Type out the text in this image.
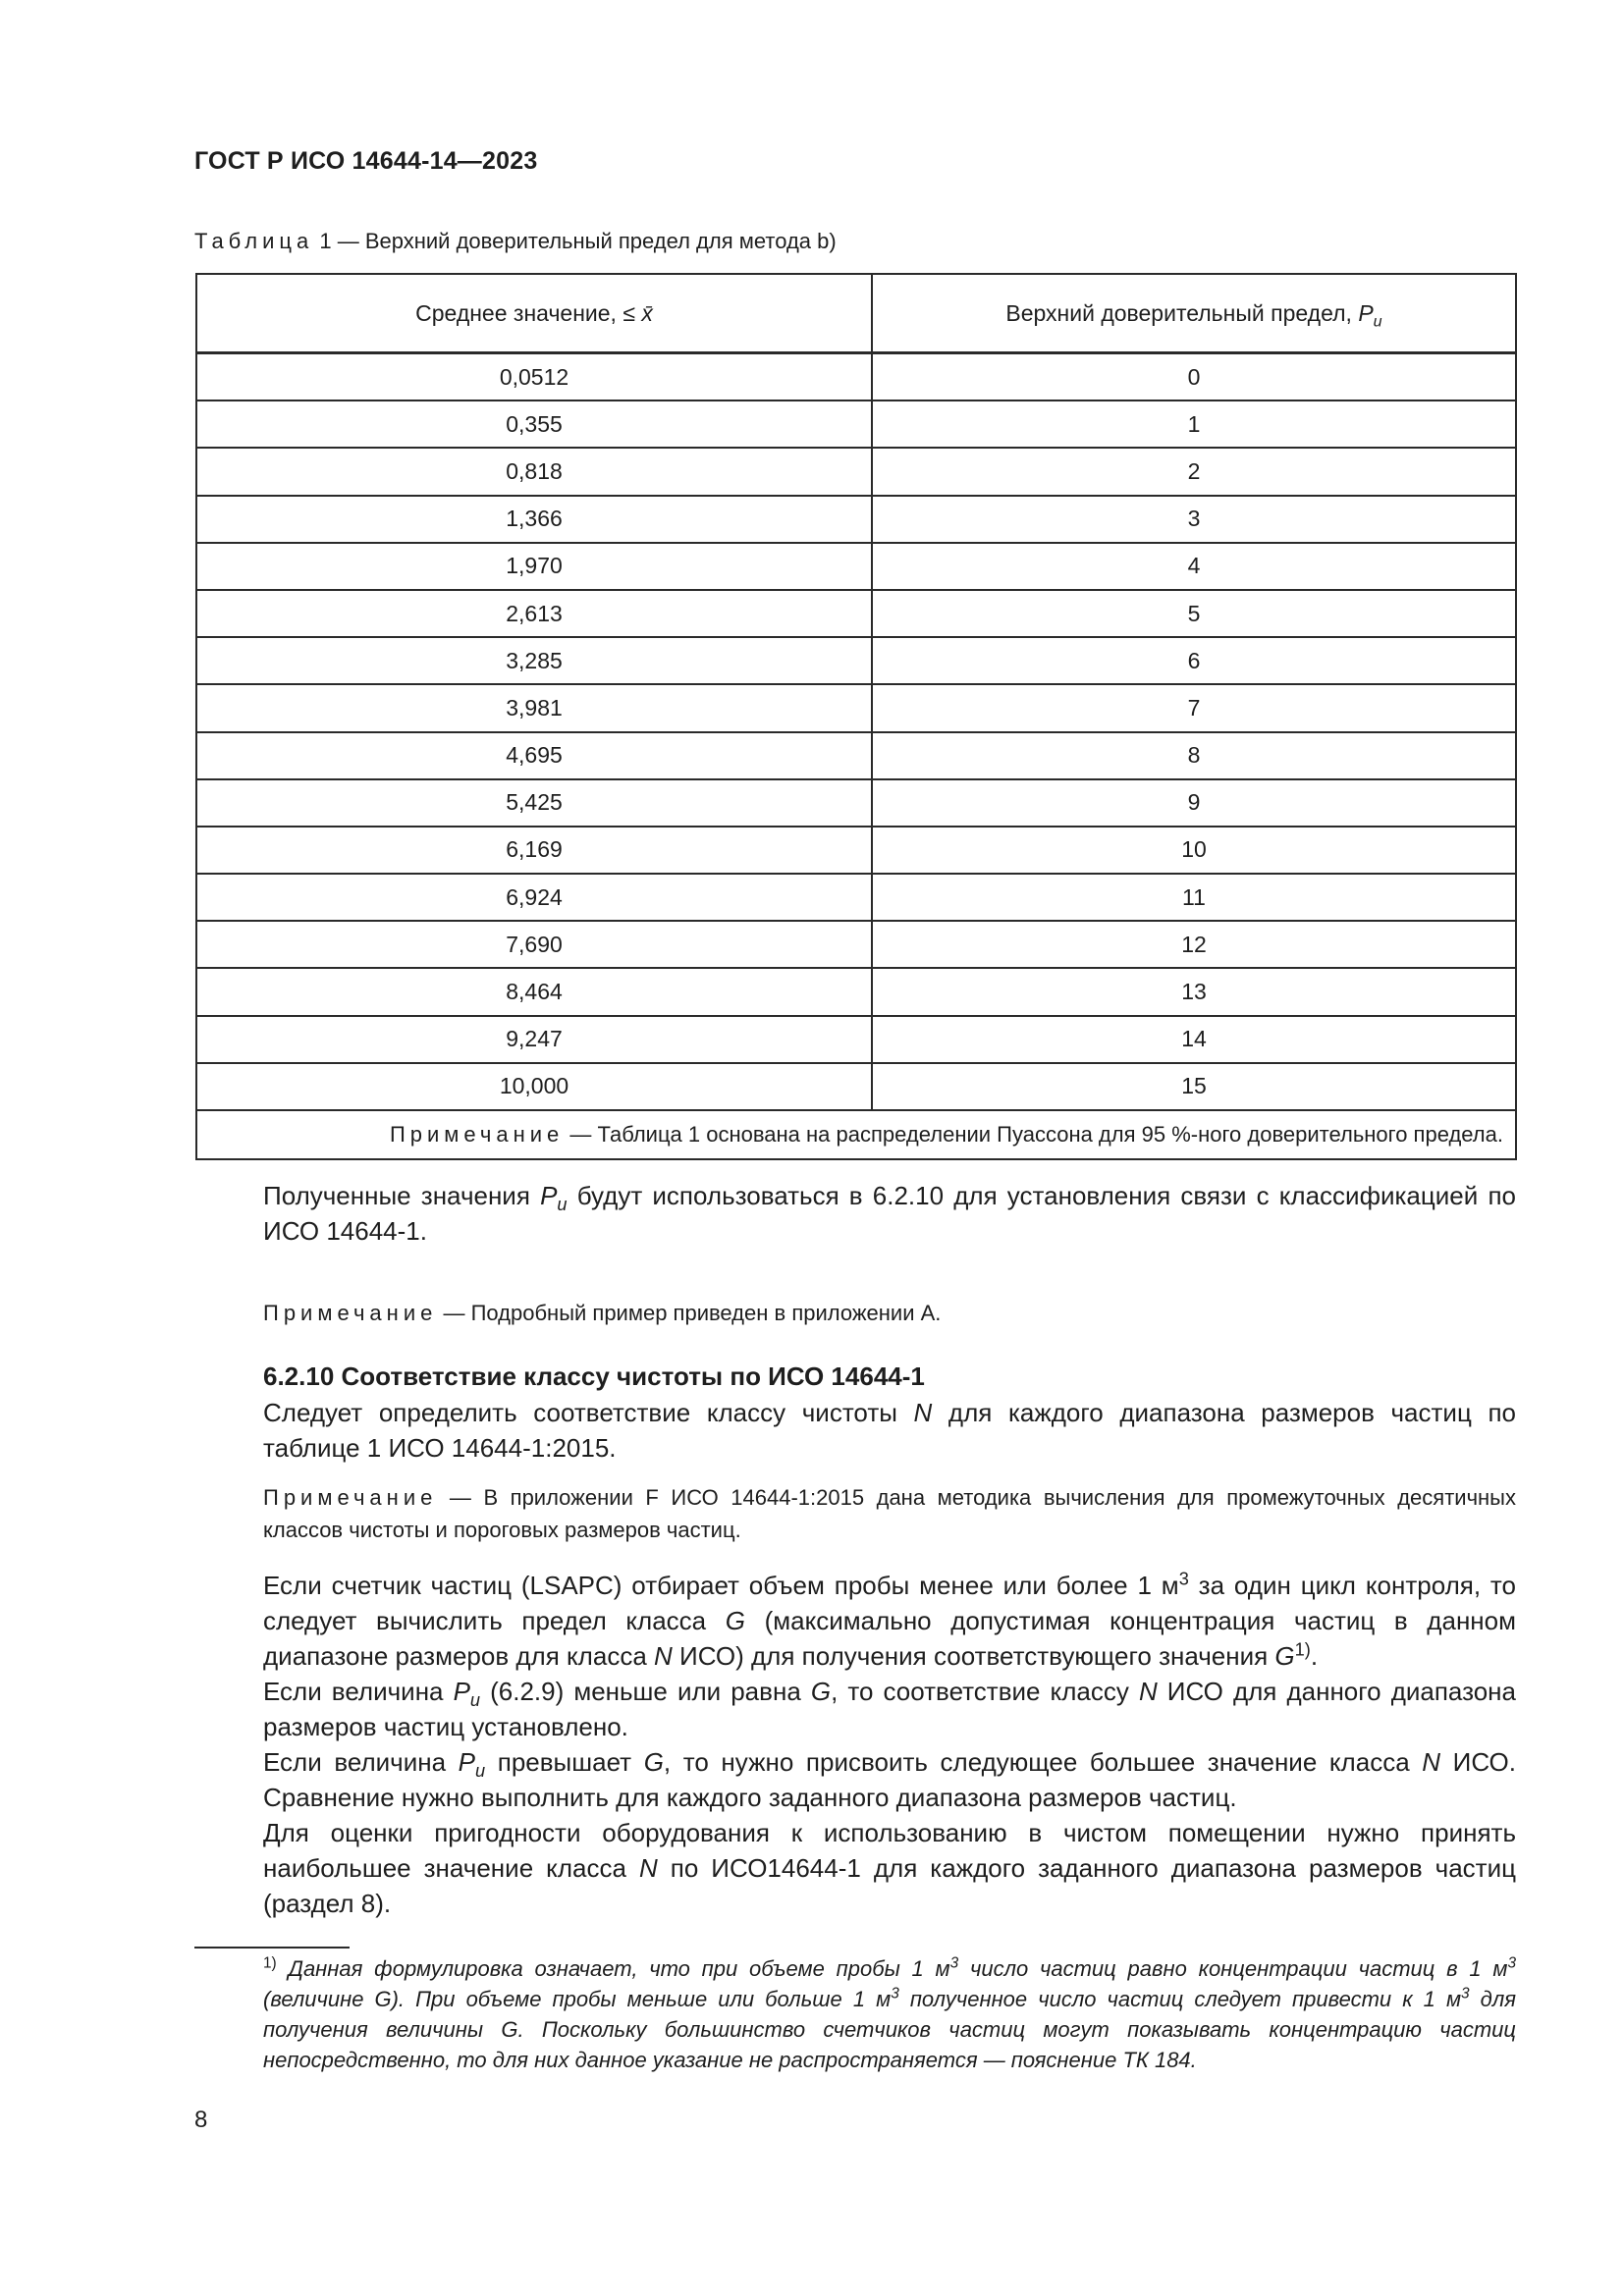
ГОСТ Р ИСО 14644-14—2023
Таблица 1 — Верхний доверительный предел для метода b)
Среднее значение, ≤ x̄	Верхний доверительный предел, $P_u$
0,0512	0
0,355	1
0,818	2
1,366	3
1,970	4
2,613	5
3,285	6
3,981	7
4,695	8
5,425	9
6,169	10
6,924	11
7,690	12
8,464	13
9,247	14
10,000	15
Примечание — Таблица 1 основана на распределении Пуассона для 95 %-ного доверительного предела.	
Полученные значения $P_u$ будут использоваться в 6.2.10 для установления связи с классификацией по ИСО 14644-1.
Примечание — Подробный пример приведен в приложении А.
6.2.10 Соответствие классу чистоты по ИСО 14644-1
Следует определить соответствие классу чистоты N для каждого диапазона размеров частиц по таблице 1 ИСО 14644-1:2015.
Примечание — В приложении F ИСО 14644-1:2015 дана методика вычисления для промежуточных десятичных классов чистоты и пороговых размеров частиц.
Если счетчик частиц (LSAPC) отбирает объем пробы менее или более 1 $м^3$ за один цикл контроля, то следует вычислить предел класса G (максимально допустимая концентрация частиц в данном диапазоне размеров для класса N ИСО) для получения соответствующего значения $G^{1)}$.
Если величина $P_u$ (6.2.9) меньше или равна G, то соответствие классу N ИСО для данного диапазона размеров частиц установлено.
Если величина $P_u$ превышает G, то нужно присвоить следующее большее значение класса N ИСО. Сравнение нужно выполнить для каждого заданного диапазона размеров частиц.
Для оценки пригодности оборудования к использованию в чистом помещении нужно принять наибольшее значение класса N по ИСО14644-1 для каждого заданного диапазона размеров частиц (раздел 8).
$^{1)}$ Данная формулировка означает, что при объеме пробы 1 $м^3$ число частиц равно концентрации частиц в 1 $м^3$ (величине G). При объеме пробы меньше или больше 1 $м^3$ полученное число частиц следует привести к 1 $м^3$ для получения величины G. Поскольку большинство счетчиков частиц могут показывать концентрацию частиц непосредственно, то для них данное указание не распространяется — пояснение ТК 184.
8
